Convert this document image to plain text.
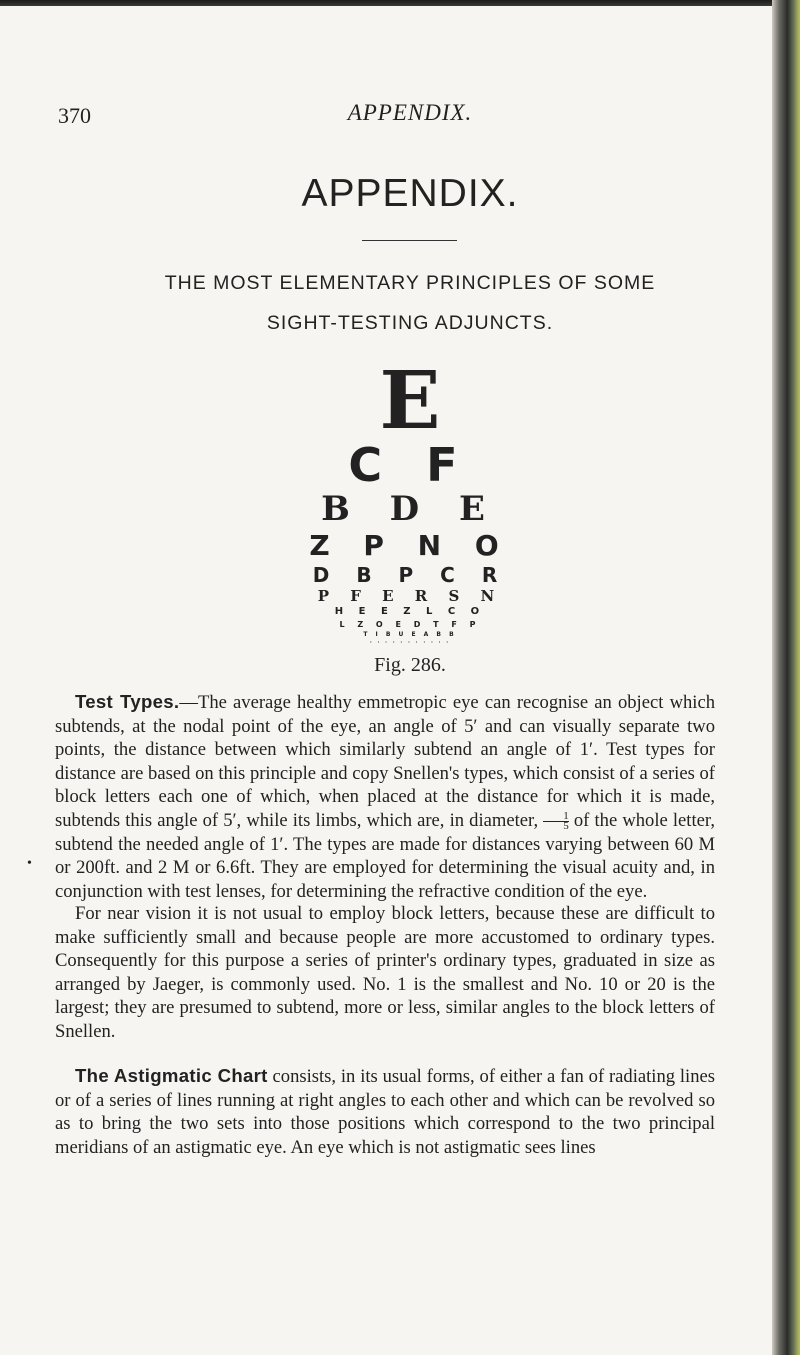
370	APPENDIX.
APPENDIX.
THE MOST ELEMENTARY PRINCIPLES OF SOME
SIGHT-TESTING ADJUNCTS.
E
C F
B D E
Z P N O
D B P C R
P F E R S N
H E E Z L C O
L Z O E D T F P
T I B U E A B B
· · · · · · · · · · ·
Fig. 286.

Test Types.—The average healthy emmetropic eye can recognise an object which subtends, at the nodal point of the eye, an angle of 5′ and can visually separate two points, the distance between which similarly subtend an angle of 1′. Test types for distance are based on this principle and copy Snellen's types, which consist of a series of block letters each one of which, when placed at the distance for which it is made, subtends this angle of 5′, while its limbs, which are, in diameter, $\frac{1}{5}$ of the whole letter, subtend the needed angle of 1′. The types are made for distances varying between 60 M or 200ft. and 2 M or 6.6ft. They are employed for determining the visual acuity and, in conjunction with test lenses, for determining the refractive condition of the eye.

•

For near vision it is not usual to employ block letters, because these are difficult to make sufficiently small and because people are more accustomed to ordinary types. Consequently for this purpose a series of printer's ordinary types, graduated in size as arranged by Jaeger, is commonly used. No. 1 is the smallest and No. 10 or 20 is the largest; they are presumed to subtend, more or less, similar angles to the block letters of Snellen.

The Astigmatic Chart consists, in its usual forms, of either a fan of radiating lines or of a series of lines running at right angles to each other and which can be revolved so as to bring the two sets into those positions which correspond to the two principal meridians of an astigmatic eye. An eye which is not astigmatic sees lines
